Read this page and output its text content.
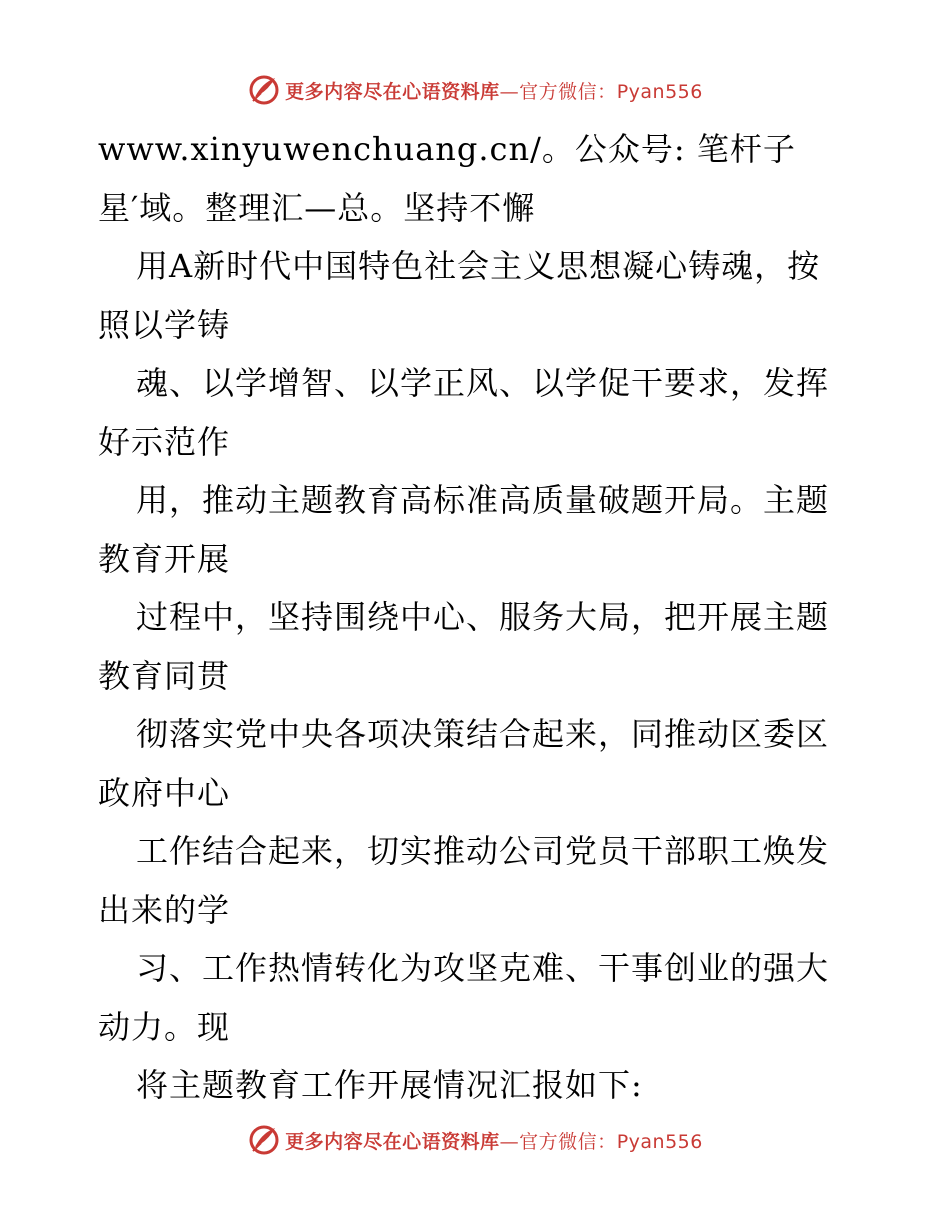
更多内容尽在心语资料库—官方微信：Pyan556
www.xinyuwenchuang.cn/。公众号: 笔杆子
星′域。整理汇—总。坚持不懈
用A新时代中国特色社会主义思想凝心铸魂，按
照以学铸
魂、以学增智、以学正风、以学促干要求，发挥
好示范作
用，推动主题教育高标准高质量破题开局。主题
教育开展
过程中，坚持围绕中心、服务大局，把开展主题
教育同贯
彻落实党中央各项决策结合起来，同推动区委区
政府中心
工作结合起来，切实推动公司党员干部职工焕发
出来的学
习、工作热情转化为攻坚克难、干事创业的强大
动力。现
将主题教育工作开展情况汇报如下:
更多内容尽在心语资料库—官方微信：Pyan556
